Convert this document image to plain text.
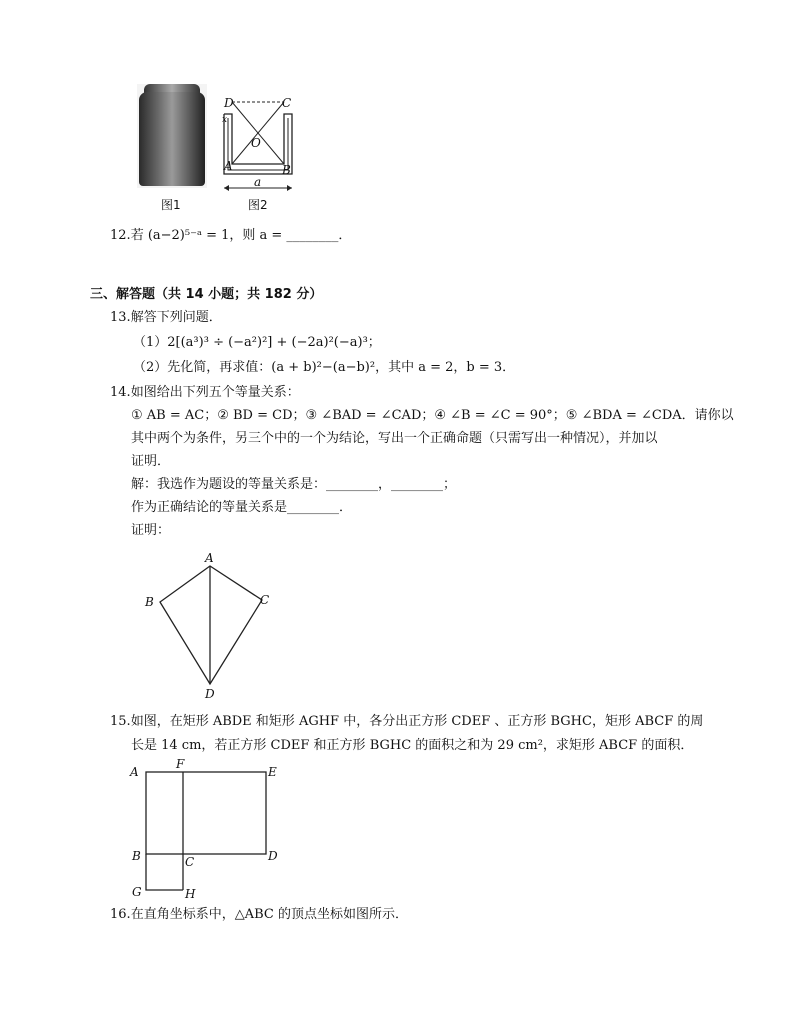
图1
D	C
x
O
A	B
a
图2
12.若 (a−2)⁵⁻ᵃ = 1，则 a = ________．
三、解答题（共 14 小题；共 182 分）
13.解答下列问题．
（1）2[(a³)³ ÷ (−a²)²] + (−2a)²(−a)³；
（2）先化简，再求值：(a + b)²−(a−b)²，其中 a = 2，b = 3．
14.如图给出下列五个等量关系：
① AB = AC；② BD = CD；③ ∠BAD = ∠CAD；④ ∠B = ∠C = 90°；⑤ ∠BDA = ∠CDA．请你以
其中两个为条件，另三个中的一个为结论，写出一个正确命题（只需写出一种情况），并加以
证明．
解：我选作为题设的等量关系是：________，________；
作为正确结论的等量关系是________．
证明：
A
B	C
D
15.如图，在矩形 ABDE 和矩形 AGHF 中，各分出正方形 CDEF 、正方形 BGHC，矩形 ABCF 的周
长是 14 cm，若正方形 CDEF 和正方形 BGHC 的面积之和为 29 cm²，求矩形 ABCF 的面积．
A
F
E
B	C	D
G	H
16.在直角坐标系中，△ABC 的顶点坐标如图所示．
